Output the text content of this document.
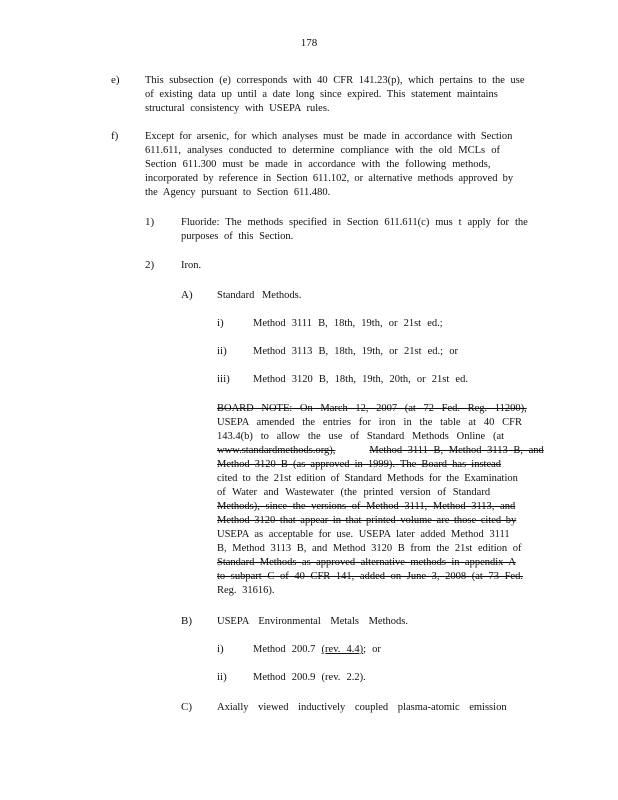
178
e) This subsection (e) corresponds with 40 CFR 141.23(p), which pertains to the use
of existing data up until a date long since expired. This statement maintains
structural consistency with USEPA rules.
f)	Except for arsenic, for which analyses must be made in accordance with Section
611.611, analyses conducted to determine compliance with the old MCLs of
Section 611.300 must be made in accordance with the following methods,
incorporated by reference in Section 611.102, or alternative methods approved by
the Agency pursuant to Section 611.480.
1)	Fluoride: The methods specified in Section 611.611(c) mus t apply for the
purposes of this Section.
2)	Iron.
A) Standard Methods.
i)	Method 3111 B, 18th, 19th, or 21st ed.;
ii) Method 3113 B, 18th, 19th, or 21st ed.; or
iii) Method 3120 B, 18th, 19th, 20th, or 21st ed.
BOARD NOTE: On March 12, 2007 (at 72 Fed. Reg. 11200),
USEPA amended the entries for iron in the table at 40 CFR
143.4(b) to allow the use of Standard Methods Online (at
www.standardmethods.org),	Method 3111 B, Method 3113 B, and
Method 3120 B (as approved in 1999). The Board has instead
cited to the 21st edition of Standard Methods for the Examination
of Water and Wastewater (the printed version of Standard
Methods), since the versions of Method 3111, Method 3113, and
Method 3120 that appear in that printed volume are those cited by
USEPA as acceptable for use. USEPA later added Method 3111
B, Method 3113 B, and Method 3120 B from the 21st edition of
Standard Methods as approved alternative methods in appendix A
to subpart C of 40 CFR 141, added on June 3, 2008 (at 73 Fed.
Reg. 31616).
B) USEPA Environmental Metals Methods.
i)	Method 200.7 (rev. 4.4); or
ii) Method 200.9 (rev. 2.2).
C) Axially viewed inductively coupled plasma-atomic emission
